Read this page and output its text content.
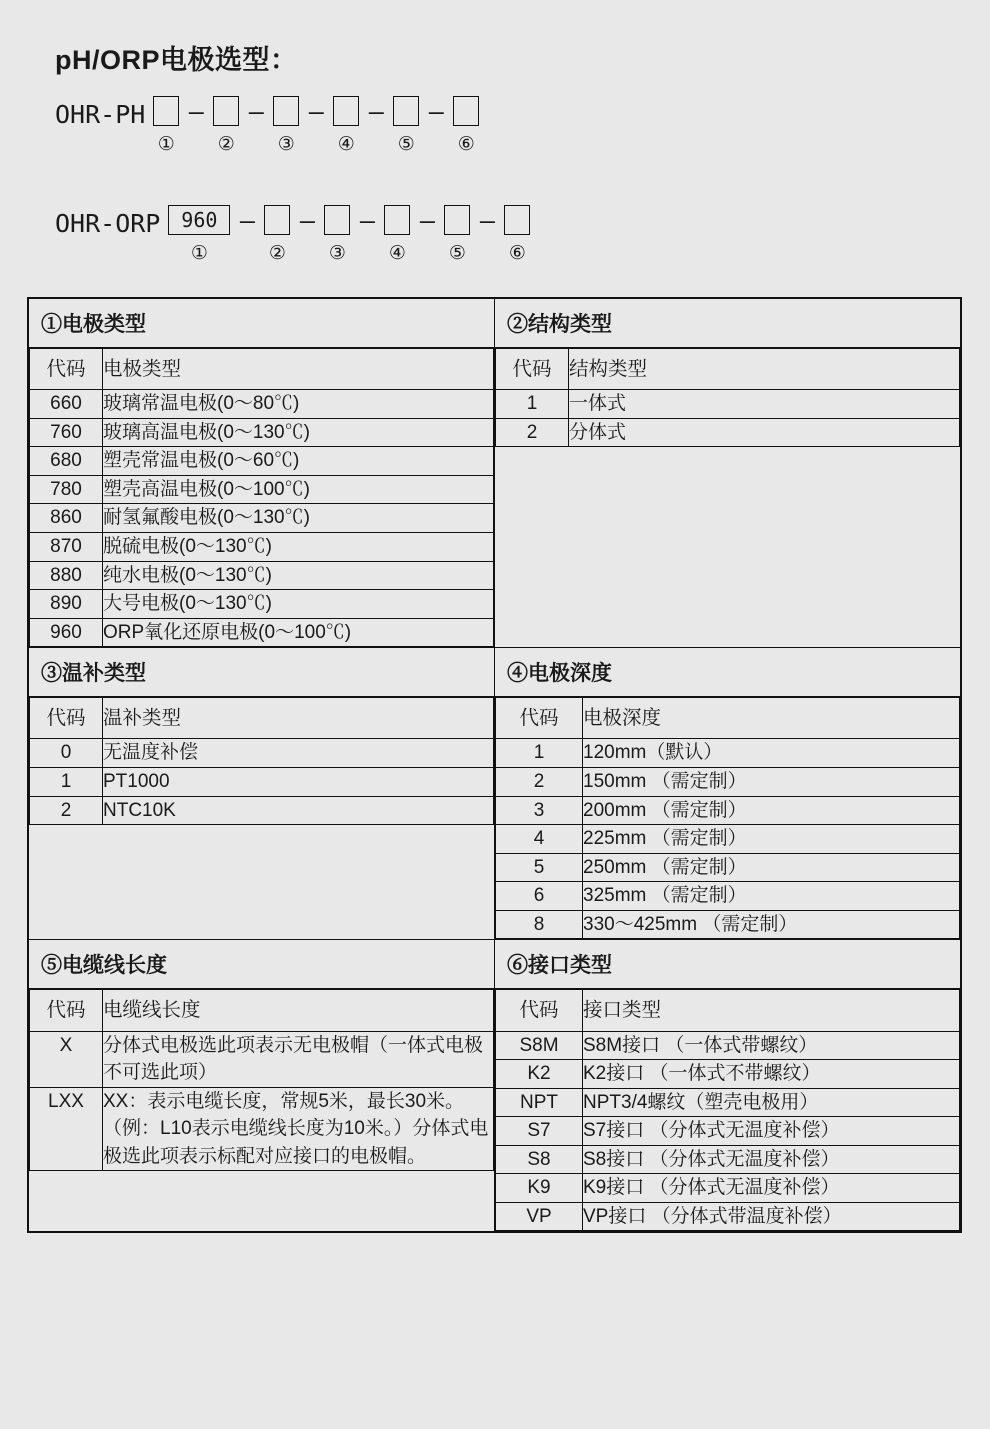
pH/ORP电极选型：
OHR-PH
①
–
②
–
③
–
④
–
⑤
–
⑥
OHR-ORP	960
①
–
②
–
③
–
④
–
⑤
–
⑥
①电极类型
代码	电极类型
660	玻璃常温电极(0～80℃)
760	玻璃高温电极(0～130℃)
680	塑壳常温电极(0～60℃)
780	塑壳高温电极(0～100℃)
860	耐氢氟酸电极(0～130℃)
870	脱硫电极(0～130℃)
880	纯水电极(0～130℃)
890	大号电极(0～130℃)
960	ORP氧化还原电极(0～100℃)

②结构类型
代码	结构类型
1	一体式
2	分体式

③温补类型
代码	温补类型
0	无温度补偿
1	PT1000
2	NTC10K

④电极深度
代码	电极深度
1	120mm（默认）
2	150mm （需定制）
3	200mm （需定制）
4	225mm （需定制）
5	250mm （需定制）
6	325mm （需定制）
8	330～425mm （需定制）

⑤电缆线长度
代码	电缆线长度
X	分体式电极选此项表示无电极帽（一体式电极不可选此项）
LXX	XX：表示电缆长度，常规5米，最长30米。（例：L10表示电缆线长度为10米。）分体式电极选此项表示标配对应接口的电极帽。

⑥接口类型
代码	接口类型
S8M	S8M接口 （一体式带螺纹）
K2	K2接口 （一体式不带螺纹）
NPT	NPT3/4螺纹（塑壳电极用）
S7	S7接口 （分体式无温度补偿）
S8	S8接口 （分体式无温度补偿）
K9	K9接口 （分体式无温度补偿）
VP	VP接口 （分体式带温度补偿）
